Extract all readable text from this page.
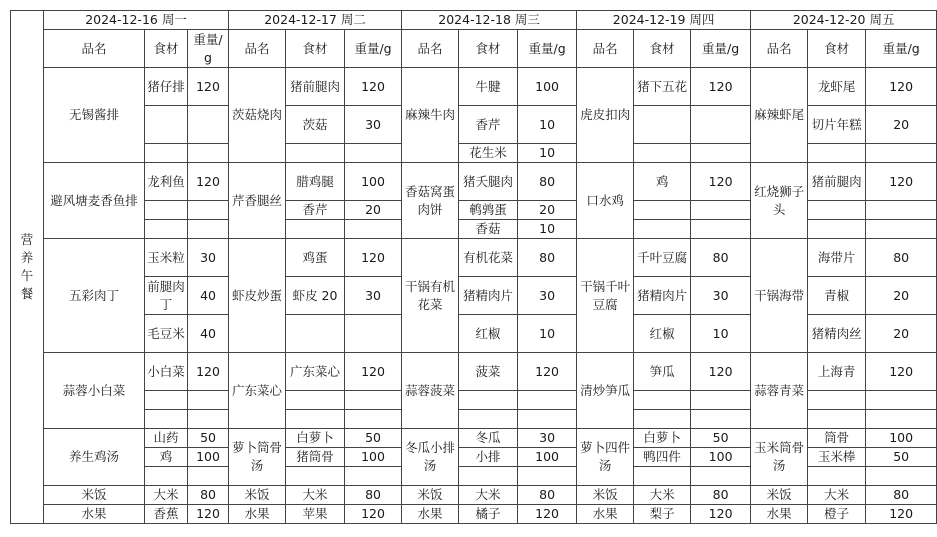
营养午餐	2024-12-16 周一			2024-12-17 周二			2024-12-18 周三			2024-12-19 周四			2024-12-20 周五		
	品名	食材	重量/g	品名	食材	重量/g	品名	食材	重量/g	品名	食材	重量/g	品名	食材	重量/g
	无锡酱排	猪仔排	120	茨菇烧肉	猪前腿肉	120	麻辣牛肉	牛腱	100	虎皮扣肉	猪下五花	120	麻辣虾尾	龙虾尾	120
					茨菇	30		香芹	10					切片年糕	20
								花生米	10						
	避风塘麦香鱼排	龙利鱼	120	芹香腿丝	腊鸡腿	100	香菇窝蛋肉饼	猪夭腿肉	80	口水鸡	鸡	120	红烧狮子头	猪前腿肉	120
					香芹	20		鹌鹑蛋	20						
								香菇	10						
	五彩肉丁	玉米粒	30	虾皮炒蛋	鸡蛋	120	干锅有机花菜	有机花菜	80	干锅千叶豆腐	千叶豆腐	80	干锅海带	海带片	80
		前腿肉丁	40		虾皮 20	30		猪精肉片	30		猪精肉片	30		青椒	20
		毛豆米	40					红椒	10		红椒	10		猪精肉丝	20
	蒜蓉小白菜	小白菜	120	广东菜心	广东菜心	120	蒜蓉菠菜	菠菜	120	清炒笋瓜	笋瓜	120	蒜蓉青菜	上海青	120

	养生鸡汤	山药	50	萝卜筒骨汤	白萝卜	50	冬瓜小排汤	冬瓜	30	萝卜四件汤	白萝卜	50	玉米筒骨汤	筒骨	100
		鸡	100		猪筒骨	100		小排	100		鸭四件	100		玉米棒	50

	米饭	大米	80	米饭	大米	80	米饭	大米	80	米饭	大米	80	米饭	大米	80
	水果	香蕉	120	水果	苹果	120	水果	橘子	120	水果	梨子	120	水果	橙子	120
